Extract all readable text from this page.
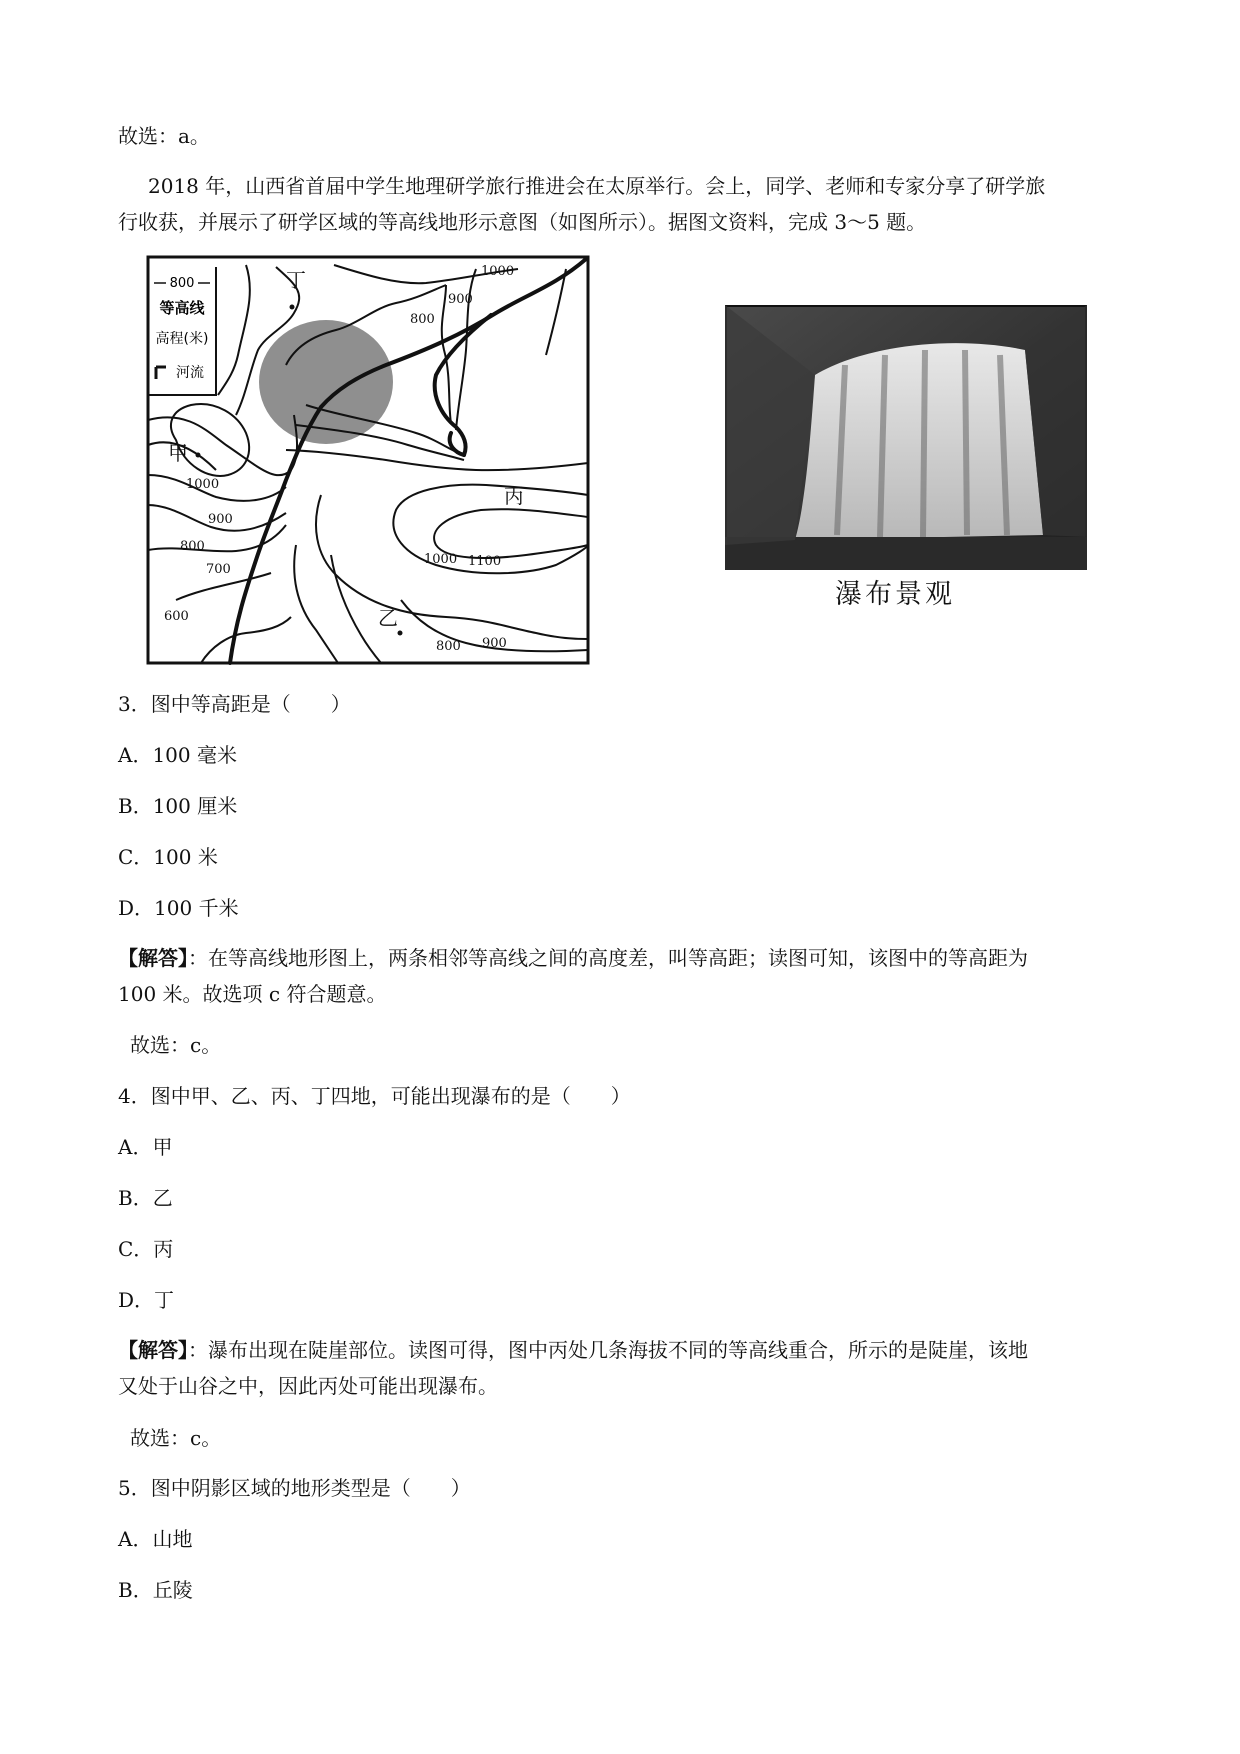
故选：a。
2018 年，山西省首届中学生地理研学旅行推进会在太原举行。会上，同学、老师和专家分享了研学旅
行收获，并展示了研学区域的等高线地形示意图（如图所示）。据图文资料，完成 3～5 题。
800
等高线
高程(米)
河流
丁
甲
丙
乙
1000
900
800
1000
900
800
700
600
1000 1100
800 900
瀑布景观
3．图中等高距是（　　）
A．100 毫米
B．100 厘米
C．100 米
D．100 千米
【解答】：在等高线地形图上，两条相邻等高线之间的高度差，叫等高距；读图可知，该图中的等高距为
100 米。故选项 c 符合题意。
故选：c。
4．图中甲、乙、丙、丁四地，可能出现瀑布的是（　　）
A．甲
B．乙
C．丙
D．丁
【解答】：瀑布出现在陡崖部位。读图可得，图中丙处几条海拔不同的等高线重合，所示的是陡崖，该地
又处于山谷之中，因此丙处可能出现瀑布。
故选：c。
5．图中阴影区域的地形类型是（　　）
A．山地
B．丘陵
